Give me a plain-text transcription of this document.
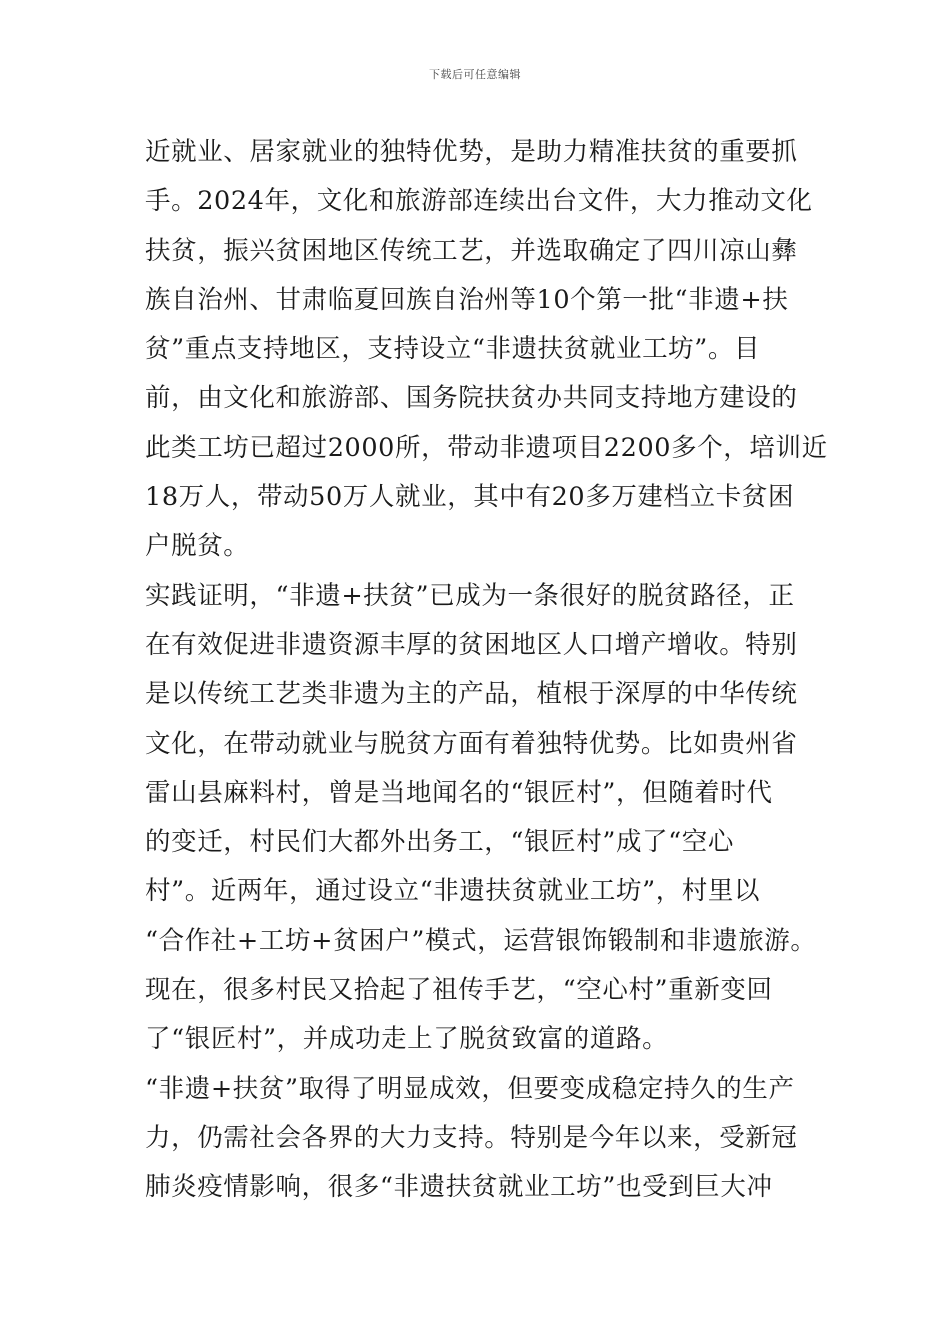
下载后可任意编辑
近就业、居家就业的独特优势，是助力精准扶贫的重要抓
手。2024年，文化和旅游部连续出台文件，大力推动文化
扶贫，振兴贫困地区传统工艺，并选取确定了四川凉山彝
族自治州、甘肃临夏回族自治州等10个第一批“非遗+扶
贫”重点支持地区，支持设立“非遗扶贫就业工坊”。目
前，由文化和旅游部、国务院扶贫办共同支持地方建设的
此类工坊已超过2000所，带动非遗项目2200多个，培训近
18万人，带动50万人就业，其中有20多万建档立卡贫困
户脱贫。
实践证明，“非遗+扶贫”已成为一条很好的脱贫路径，正
在有效促进非遗资源丰厚的贫困地区人口增产增收。特别
是以传统工艺类非遗为主的产品，植根于深厚的中华传统
文化，在带动就业与脱贫方面有着独特优势。比如贵州省
雷山县麻料村，曾是当地闻名的“银匠村”，但随着时代
的变迁，村民们大都外出务工，“银匠村”成了“空心
村”。近两年，通过设立“非遗扶贫就业工坊”，村里以
“合作社+工坊+贫困户”模式，运营银饰锻制和非遗旅游。
现在，很多村民又拾起了祖传手艺，“空心村”重新变回
了“银匠村”，并成功走上了脱贫致富的道路。
“非遗+扶贫”取得了明显成效，但要变成稳定持久的生产
力，仍需社会各界的大力支持。特别是今年以来，受新冠
肺炎疫情影响，很多“非遗扶贫就业工坊”也受到巨大冲
